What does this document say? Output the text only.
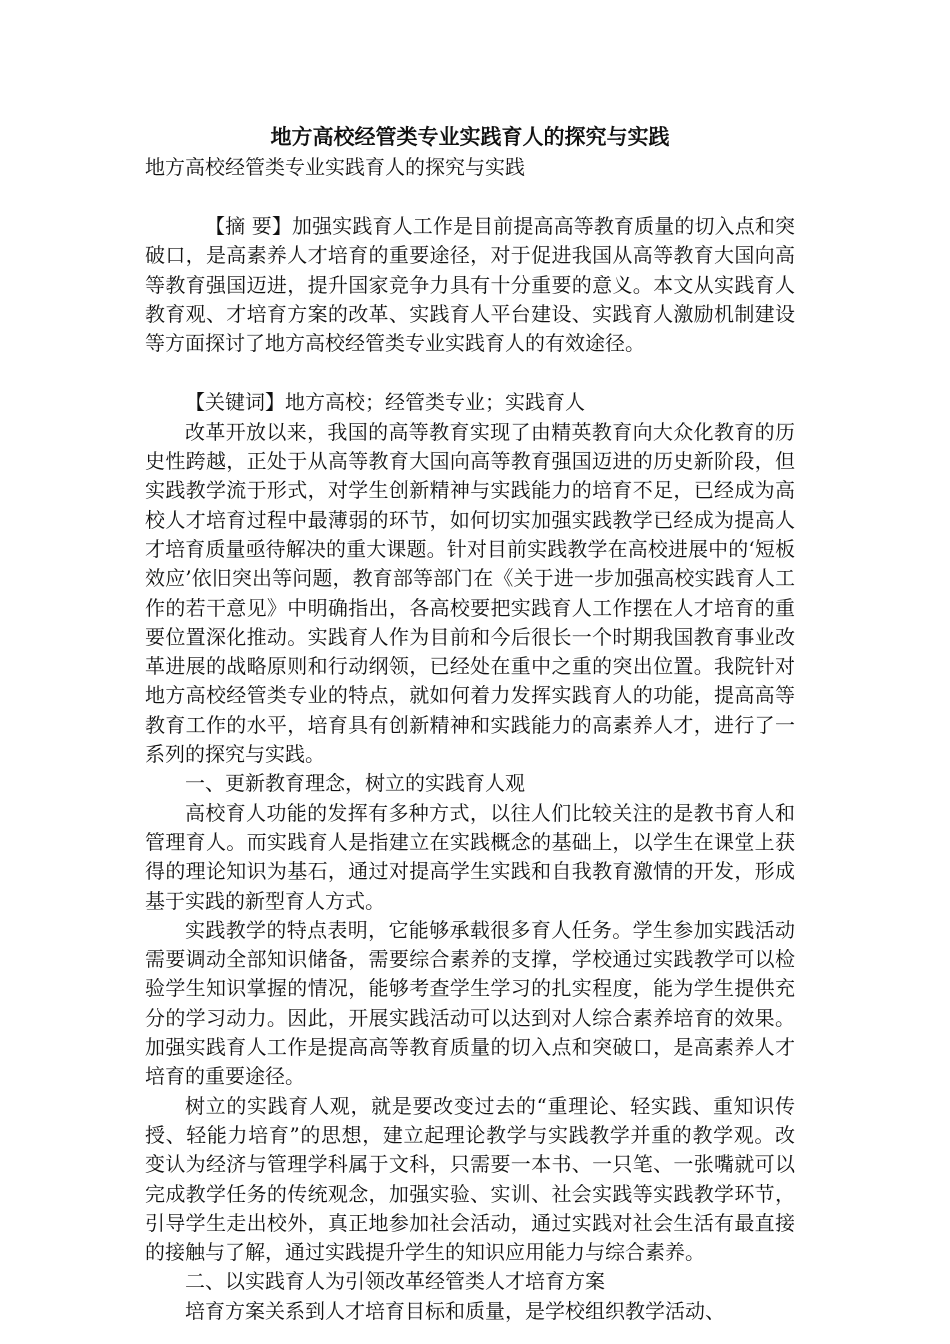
地方高校经管类专业实践育人的探究与实践

地方高校经管类专业实践育人的探究与实践

【摘 要】加强实践育人工作是目前提高高等教育质量的切入点和突破口，是高素养人才培育的重要途径，对于促进我国从高等教育大国向高等教育强国迈进，提升国家竞争力具有十分重要的意义。本文从实践育人教育观、才培育方案的改革、实践育人平台建设、实践育人激励机制建设等方面探讨了地方高校经管类专业实践育人的有效途径。

【关键词】地方高校；经管类专业；实践育人

改革开放以来，我国的高等教育实现了由精英教育向大众化教育的历史性跨越，正处于从高等教育大国向高等教育强国迈进的历史新阶段，但实践教学流于形式，对学生创新精神与实践能力的培育不足，已经成为高校人才培育过程中最薄弱的环节，如何切实加强实践教学已经成为提高人才培育质量亟待解决的重大课题。针对目前实践教学在高校进展中的‘短板效应’依旧突出等问题，教育部等部门在《关于进一步加强高校实践育人工作的若干意见》中明确指出，各高校要把实践育人工作摆在人才培育的重要位置深化推动。实践育人作为目前和今后很长一个时期我国教育事业改革进展的战略原则和行动纲领，已经处在重中之重的突出位置。我院针对地方高校经管类专业的特点，就如何着力发挥实践育人的功能，提高高等教育工作的水平，培育具有创新精神和实践能力的高素养人才，进行了一系列的探究与实践。

一、更新教育理念，树立的实践育人观

高校育人功能的发挥有多种方式，以往人们比较关注的是教书育人和管理育人。而实践育人是指建立在实践概念的基础上，以学生在课堂上获得的理论知识为基石，通过对提高学生实践和自我教育激情的开发，形成基于实践的新型育人方式。

实践教学的特点表明，它能够承载很多育人任务。学生参加实践活动需要调动全部知识储备，需要综合素养的支撑，学校通过实践教学可以检验学生知识掌握的情况，能够考查学生学习的扎实程度，能为学生提供充分的学习动力。因此，开展实践活动可以达到对人综合素养培育的效果。加强实践育人工作是提高高等教育质量的切入点和突破口，是高素养人才培育的重要途径。

树立的实践育人观，就是要改变过去的“重理论、轻实践、重知识传授、轻能力培育”的思想，建立起理论教学与实践教学并重的教学观。改变认为经济与管理学科属于文科，只需要一本书、一只笔、一张嘴就可以完成教学任务的传统观念，加强实验、实训、社会实践等实践教学环节，引导学生走出校外，真正地参加社会活动，通过实践对社会生活有最直接的接触与了解，通过实践提升学生的知识应用能力与综合素养。

二、以实践育人为引领改革经管类人才培育方案

培育方案关系到人才培育目标和质量，是学校组织教学活动、
